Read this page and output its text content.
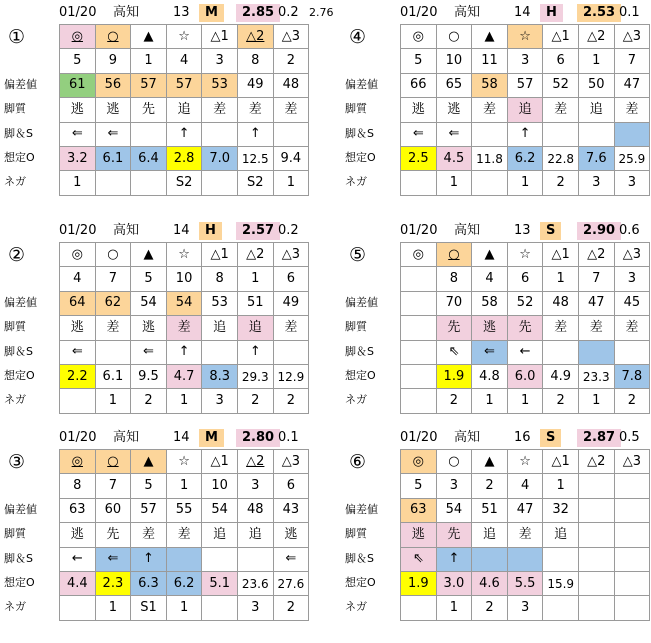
01/20 高知	13	M	2.85 0.2 2.76
①
偏差値
脚質
脚＆S
想定O
ネガ
◎	○	▲	☆	△1	△2	△3
5	9	1	4	3	8	2
61	56	57	57	53	49	48
逃	逃	先	追	差	差	差
⇐	⇐		↑		↑	
3.2	6.1	6.4	2.8	7.0	12.5	9.4
1			S2		S2	1
01/20 高知	14	H	2.53 0.1
④
偏差値
脚質
脚＆S
想定O
ネガ
◎	○	▲	☆	△1	△2	△3
5	10	11	3	6	1	7
66	65	58	57	52	50	47
逃	逃	差	追	差	追	差
⇐	⇐		↑			
2.5	4.5	11.8	6.2	22.8	7.6	25.9
	1		1	2	3	3
01/20 高知	14	H	2.57 0.2
②
偏差値
脚質
脚＆S
想定O
ネガ
◎	○	▲	☆	△1	△2	△3
4	7	5	10	8	1	6
64	62	54	54	53	51	49
逃	差	逃	差	追	追	差
⇐		⇐	↑		↑	
2.2	6.1	9.5	4.7	8.3	29.3	12.9
	1	2	1	3	2	2
01/20 高知	13	S	2.90 0.6
⑤
偏差値
脚質
脚＆S
想定O
ネガ
◎	○	▲	☆	△1	△2	△3
	8	4	6	1	7	3
	70	58	52	48	47	45
	先	逃	先	差	差	差
	⇖	⇐	←			
	1.9	4.8	6.0	4.9	23.3	7.8
	2	1	1	2	1	2
01/20 高知	14	M	2.80 0.1
③
偏差値
脚質
脚＆S
想定O
ネガ
◎	○	▲	☆	△1	△2	△3
8	7	5	1	10	3	6
63	60	57	55	54	48	43
逃	先	差	差	追	追	逃
←	⇐	↑				⇐
4.4	2.3	6.3	6.2	5.1	23.6	27.6
	1	S1	1		3	2
01/20 高知	16	S	2.87 0.5
⑥
偏差値
脚質
脚＆S
想定O
ネガ
◎	○	▲	☆	△1	△2	△3
5	3	2	4	1		
63	54	51	47	32		
逃	先	追	差	追		
⇖	↑					
1.9	3.0	4.6	5.5	15.9		
	1	2	3			
